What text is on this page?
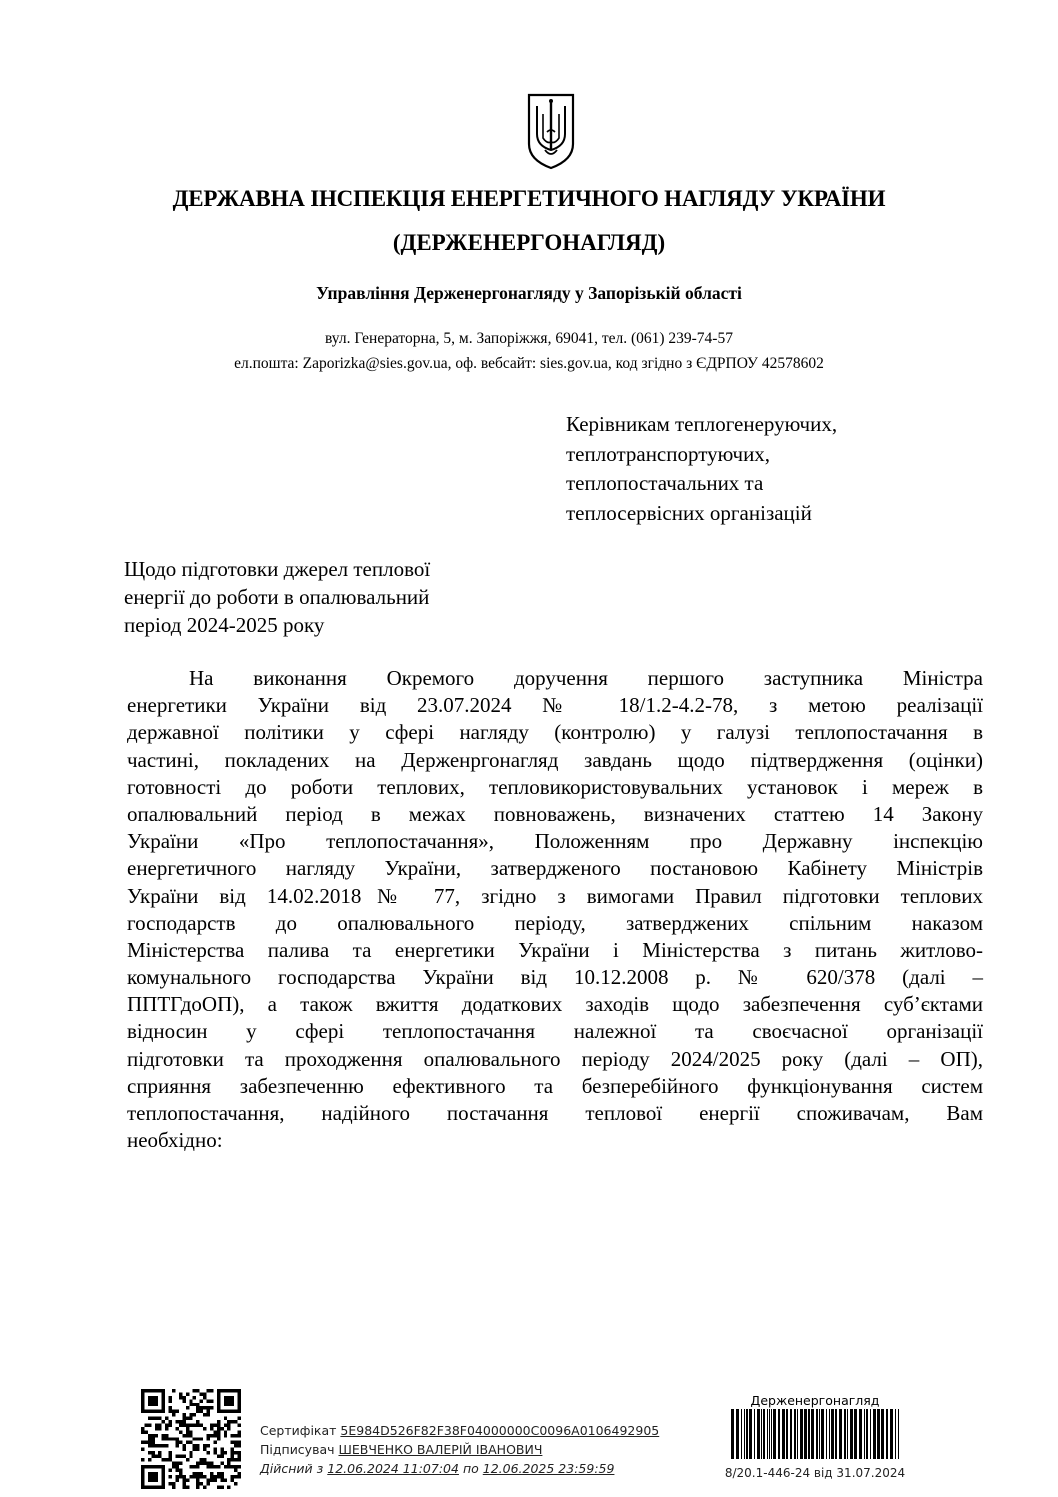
ДЕРЖАВНА ІНСПЕКЦІЯ ЕНЕРГЕТИЧНОГО НАГЛЯДУ УКРАЇНИ
(ДЕРЖЕНЕРГОНАГЛЯД)
Управління Держенергонагляду у Запорізькій області
вул. Генераторна, 5, м. Запоріжжя, 69041, тел. (061) 239-74-57
ел.пошта: Zaporizka@sies.gov.ua, оф. вебсайт: sies.gov.ua, код згідно з ЄДРПОУ 42578602
Керівникам теплогенеруючих,
теплотранспортуючих,
теплопостачальних та
теплосервісних організацій
Щодо підготовки джерел теплової
енергії до роботи в опалювальний
період 2024-2025 року
На виконання Окремого доручення першого заступника Міністра
енергетики України від 23.07.2024 № 18/1.2-4.2-78, з метою реалізації
державної політики у сфері нагляду (контролю) у галузі теплопостачання в
частині, покладених на Держенргонагляд завдань щодо підтвердження (оцінки)
готовності до роботи теплових, тепловикористовувальних установок і мереж в
опалювальний період в межах повноважень, визначених статтею 14 Закону
України «Про теплопостачання», Положенням про Державну інспекцію
енергетичного нагляду України, затвердженого постановою Кабінету Міністрів
України від 14.02.2018№ 77, згідно з вимогами Правил підготовки теплових
господарств до опалювального періоду, затверджених спільним наказом
Міністерства палива та енергетики України і Міністерства з питань житлово-
комунального господарства України від 10.12.2008 р. № 620/378 (далі –
ППТГдоОП), а також вжиття додаткових заходів щодо забезпечення суб’єктами
відносин у сфері теплопостачання належної та своєчасної організації
підготовки та проходження опалювального періоду 2024/2025 року (далі – ОП),
сприяння забезпеченню ефективного та безперебійного функціонування систем
теплопостачання, надійного постачання теплової енергії споживачам, Вам
необхідно:
Сертифікат 5E984D526F82F38F04000000C0096A0106492905
Підписувач ШЕВЧЕНКО ВАЛЕРІЙ ІВАНОВИЧ
Дійсний з 12.06.2024 11:07:04 по 12.06.2025 23:59:59
Держенергонагляд
8/20.1-446-24 від 31.07.2024
